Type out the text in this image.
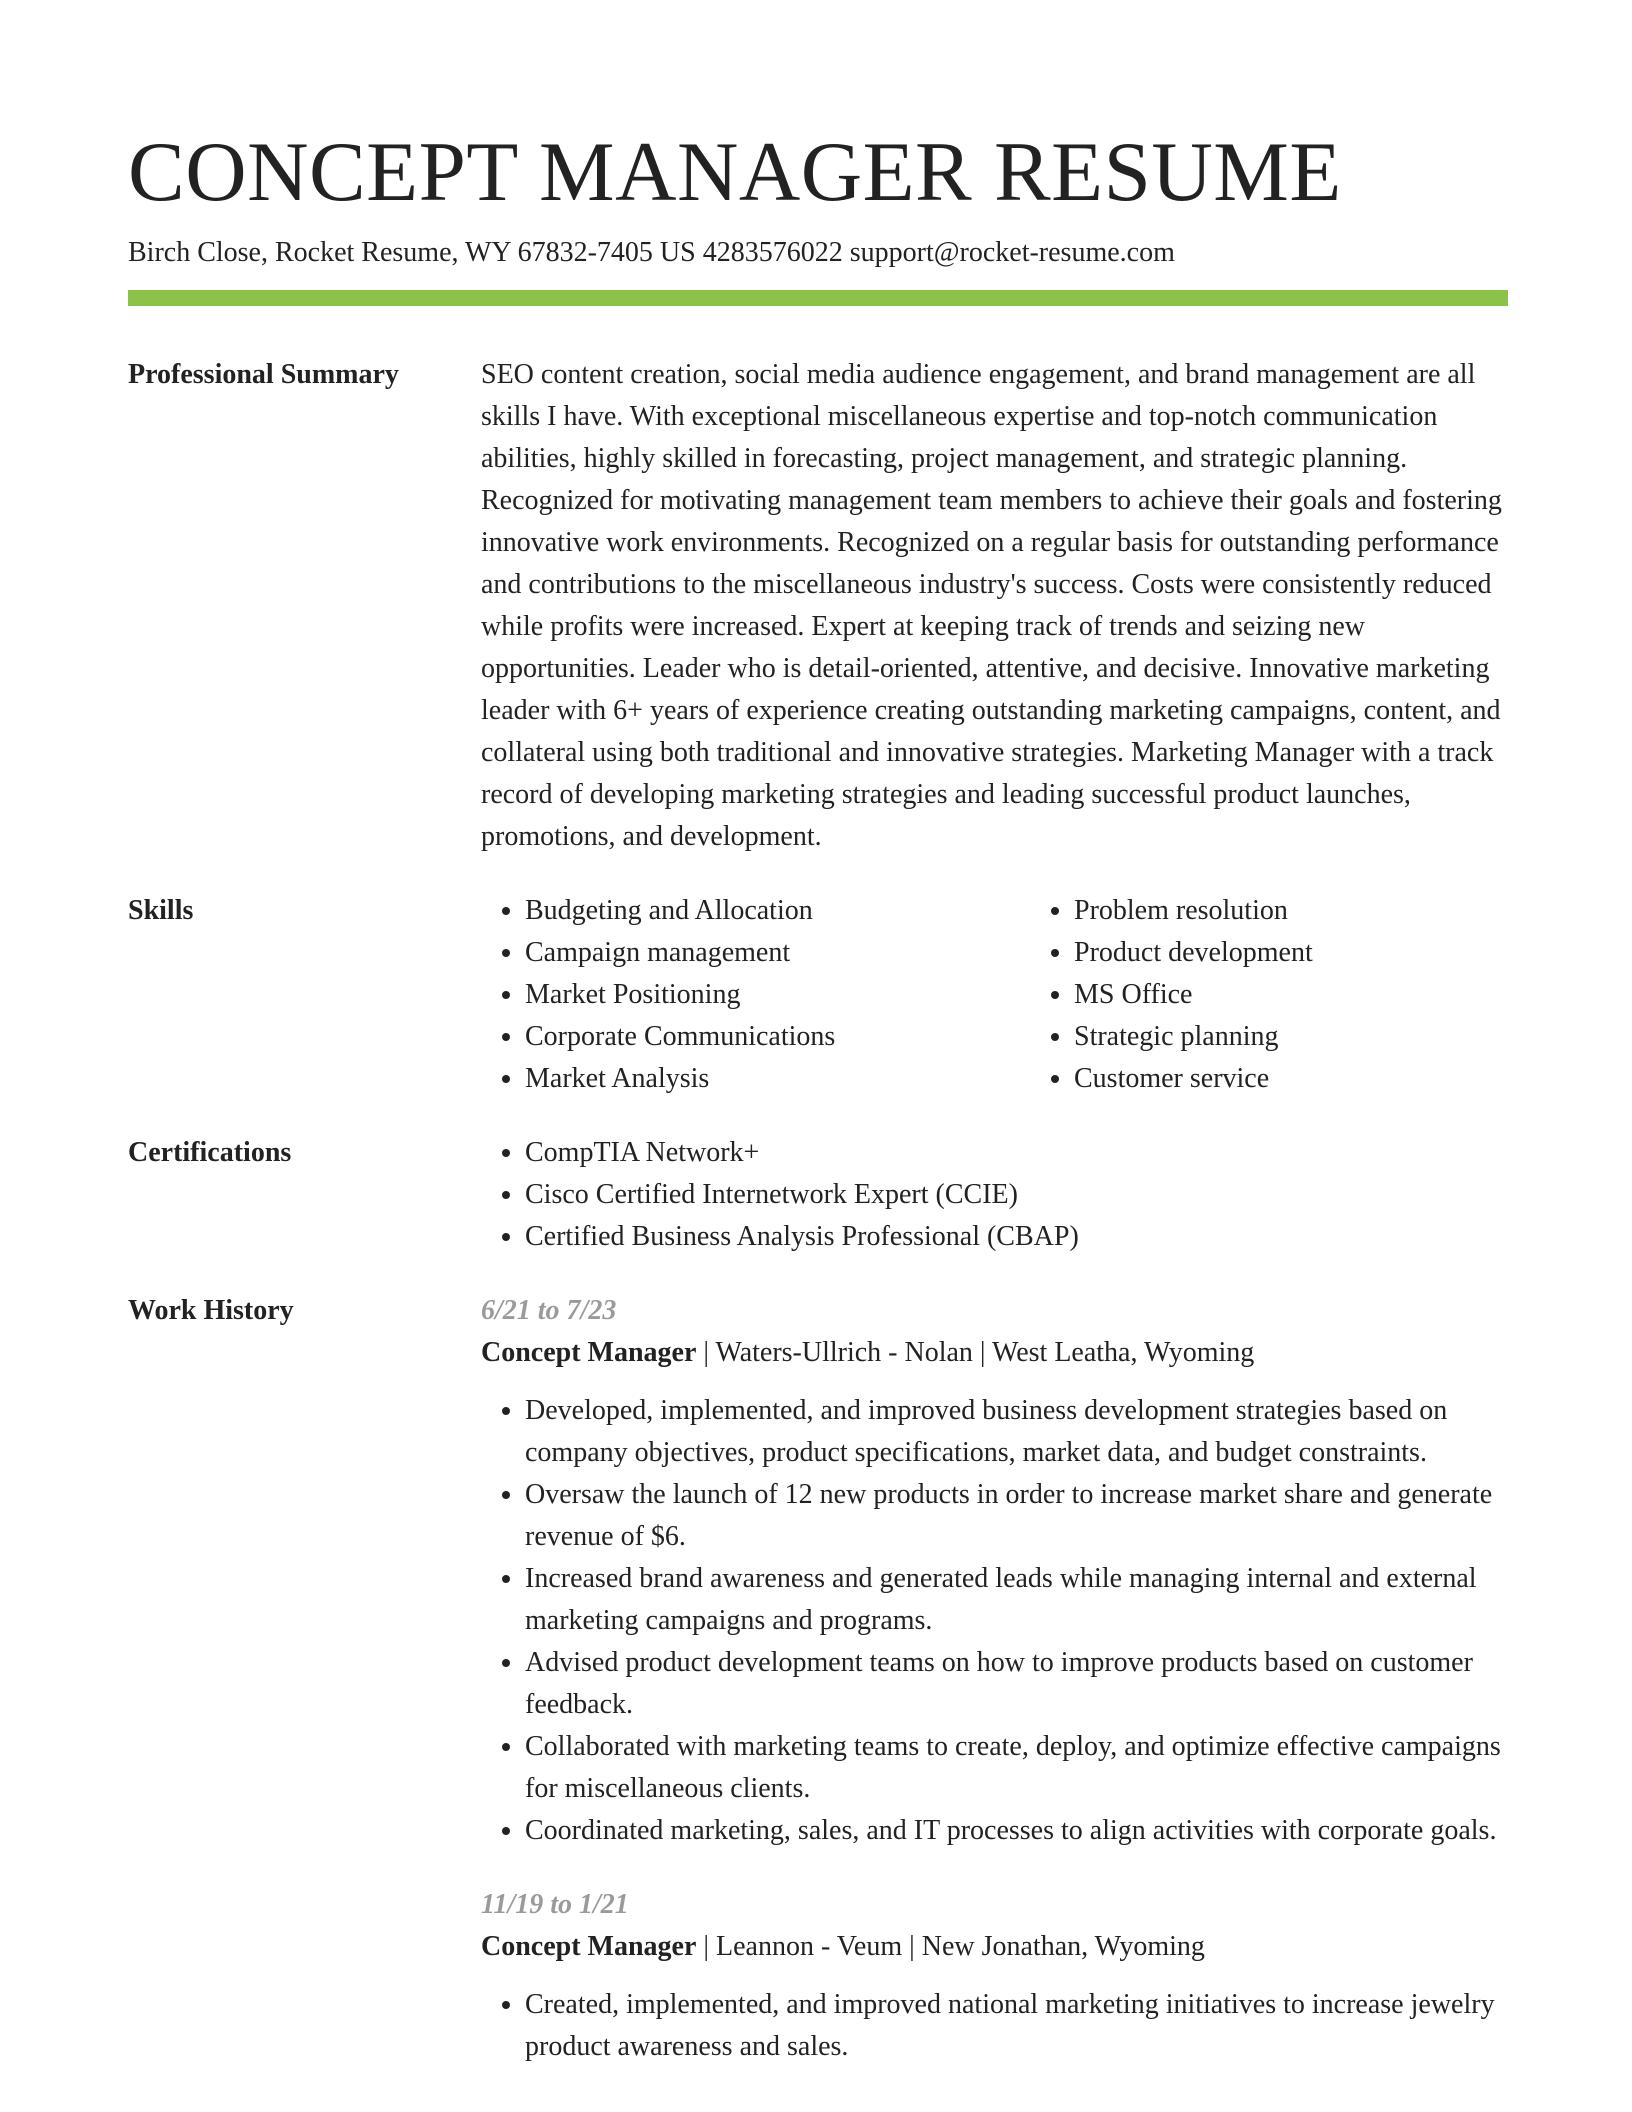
CONCEPT MANAGER RESUME
Birch Close, Rocket Resume, WY 67832-7405 US 4283576022 support@rocket-resume.com
Professional Summary	SEO content creation, social media audience engagement, and brand management are all skills I have. With exceptional miscellaneous expertise and top-notch communication abilities, highly skilled in forecasting, project management, and strategic planning. Recognized for motivating management team members to achieve their goals and fostering innovative work environments. Recognized on a regular basis for outstanding performance and contributions to the miscellaneous industry's success. Costs were consistently reduced while profits were increased. Expert at keeping track of trends and seizing new opportunities. Leader who is detail-oriented, attentive, and decisive. Innovative marketing leader with 6+ years of experience creating outstanding marketing campaigns, content, and collateral using both traditional and innovative strategies. Marketing Manager with a track record of developing marketing strategies and leading successful product launches, promotions, and development.
Skills	• Budgeting and Allocation
• Campaign management
• Market Positioning
• Corporate Communications
• Market Analysis
• Problem resolution
• Product development
• MS Office
• Strategic planning
• Customer service
Certifications	• CompTIA Network+
• Cisco Certified Internetwork Expert (CCIE)
• Certified Business Analysis Professional (CBAP)
Work History	6/21 to 7/23
Concept Manager | Waters-Ullrich - Nolan | West Leatha, Wyoming
• Developed, implemented, and improved business development strategies based on company objectives, product specifications, market data, and budget constraints.
• Oversaw the launch of 12 new products in order to increase market share and generate revenue of $6.
• Increased brand awareness and generated leads while managing internal and external marketing campaigns and programs.
• Advised product development teams on how to improve products based on customer feedback.
• Collaborated with marketing teams to create, deploy, and optimize effective campaigns for miscellaneous clients.
• Coordinated marketing, sales, and IT processes to align activities with corporate goals.
11/19 to 1/21
Concept Manager | Leannon - Veum | New Jonathan, Wyoming
• Created, implemented, and improved national marketing initiatives to increase jewelry product awareness and sales.
